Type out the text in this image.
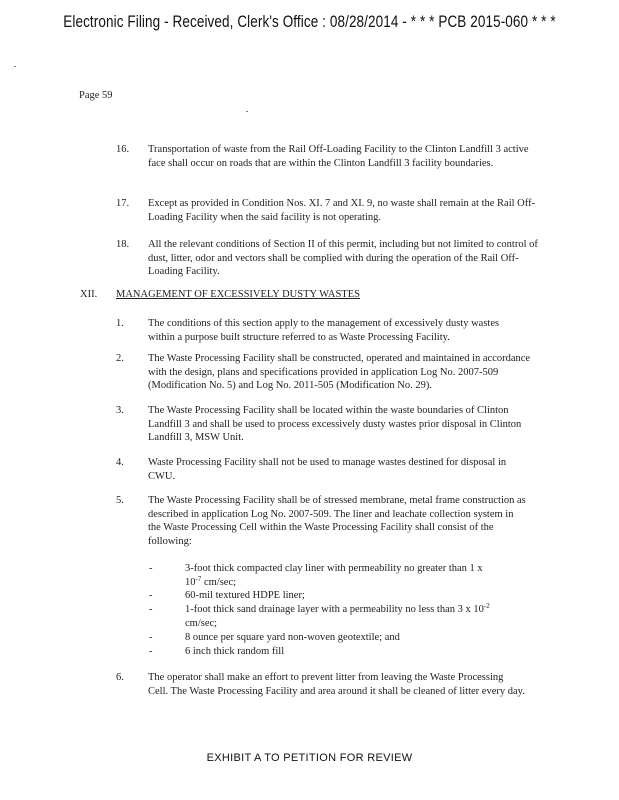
Electronic Filing - Received, Clerk's Office : 08/28/2014 - * * * PCB 2015-060 * * *
Page 59
16. Transportation of waste from the Rail Off-Loading Facility to the Clinton Landfill 3 active face shall occur on roads that are within the Clinton Landfill 3 facility boundaries.
17. Except as provided in Condition Nos. XI. 7 and XI. 9, no waste shall remain at the Rail Off-Loading Facility when the said facility is not operating.
18. All the relevant conditions of Section II of this permit, including but not limited to control of dust, litter, odor and vectors shall be complied with during the operation of the Rail Off-Loading Facility.
XII. MANAGEMENT OF EXCESSIVELY DUSTY WASTES
1. The conditions of this section apply to the management of excessively dusty wastes within a purpose built structure referred to as Waste Processing Facility.
2. The Waste Processing Facility shall be constructed, operated and maintained in accordance with the design, plans and specifications provided in application Log No. 2007-509 (Modification No. 5) and Log No. 2011-505 (Modification No. 29).
3. The Waste Processing Facility shall be located within the waste boundaries of Clinton Landfill 3 and shall be used to process excessively dusty wastes prior disposal in Clinton Landfill 3, MSW Unit.
4. Waste Processing Facility shall not be used to manage wastes destined for disposal in CWU.
5. The Waste Processing Facility shall be of stressed membrane, metal frame construction as described in application Log No. 2007-509. The liner and leachate collection system in the Waste Processing Cell within the Waste Processing Facility shall consist of the following:
-	3-foot thick compacted clay liner with permeability no greater than 1 x
$10^{-7}$ cm/sec;
-	60-mil textured HDPE liner;
-	1-foot thick sand drainage layer with a permeability no less than 3 x $10^{-2}$
cm/sec;
-	8 ounce per square yard non-woven geotextile; and
-	6 inch thick random fill
6. The operator shall make an effort to prevent litter from leaving the Waste Processing Cell. The Waste Processing Facility and area around it shall be cleaned of litter every day.
EXHIBIT A TO PETITION FOR REVIEW
